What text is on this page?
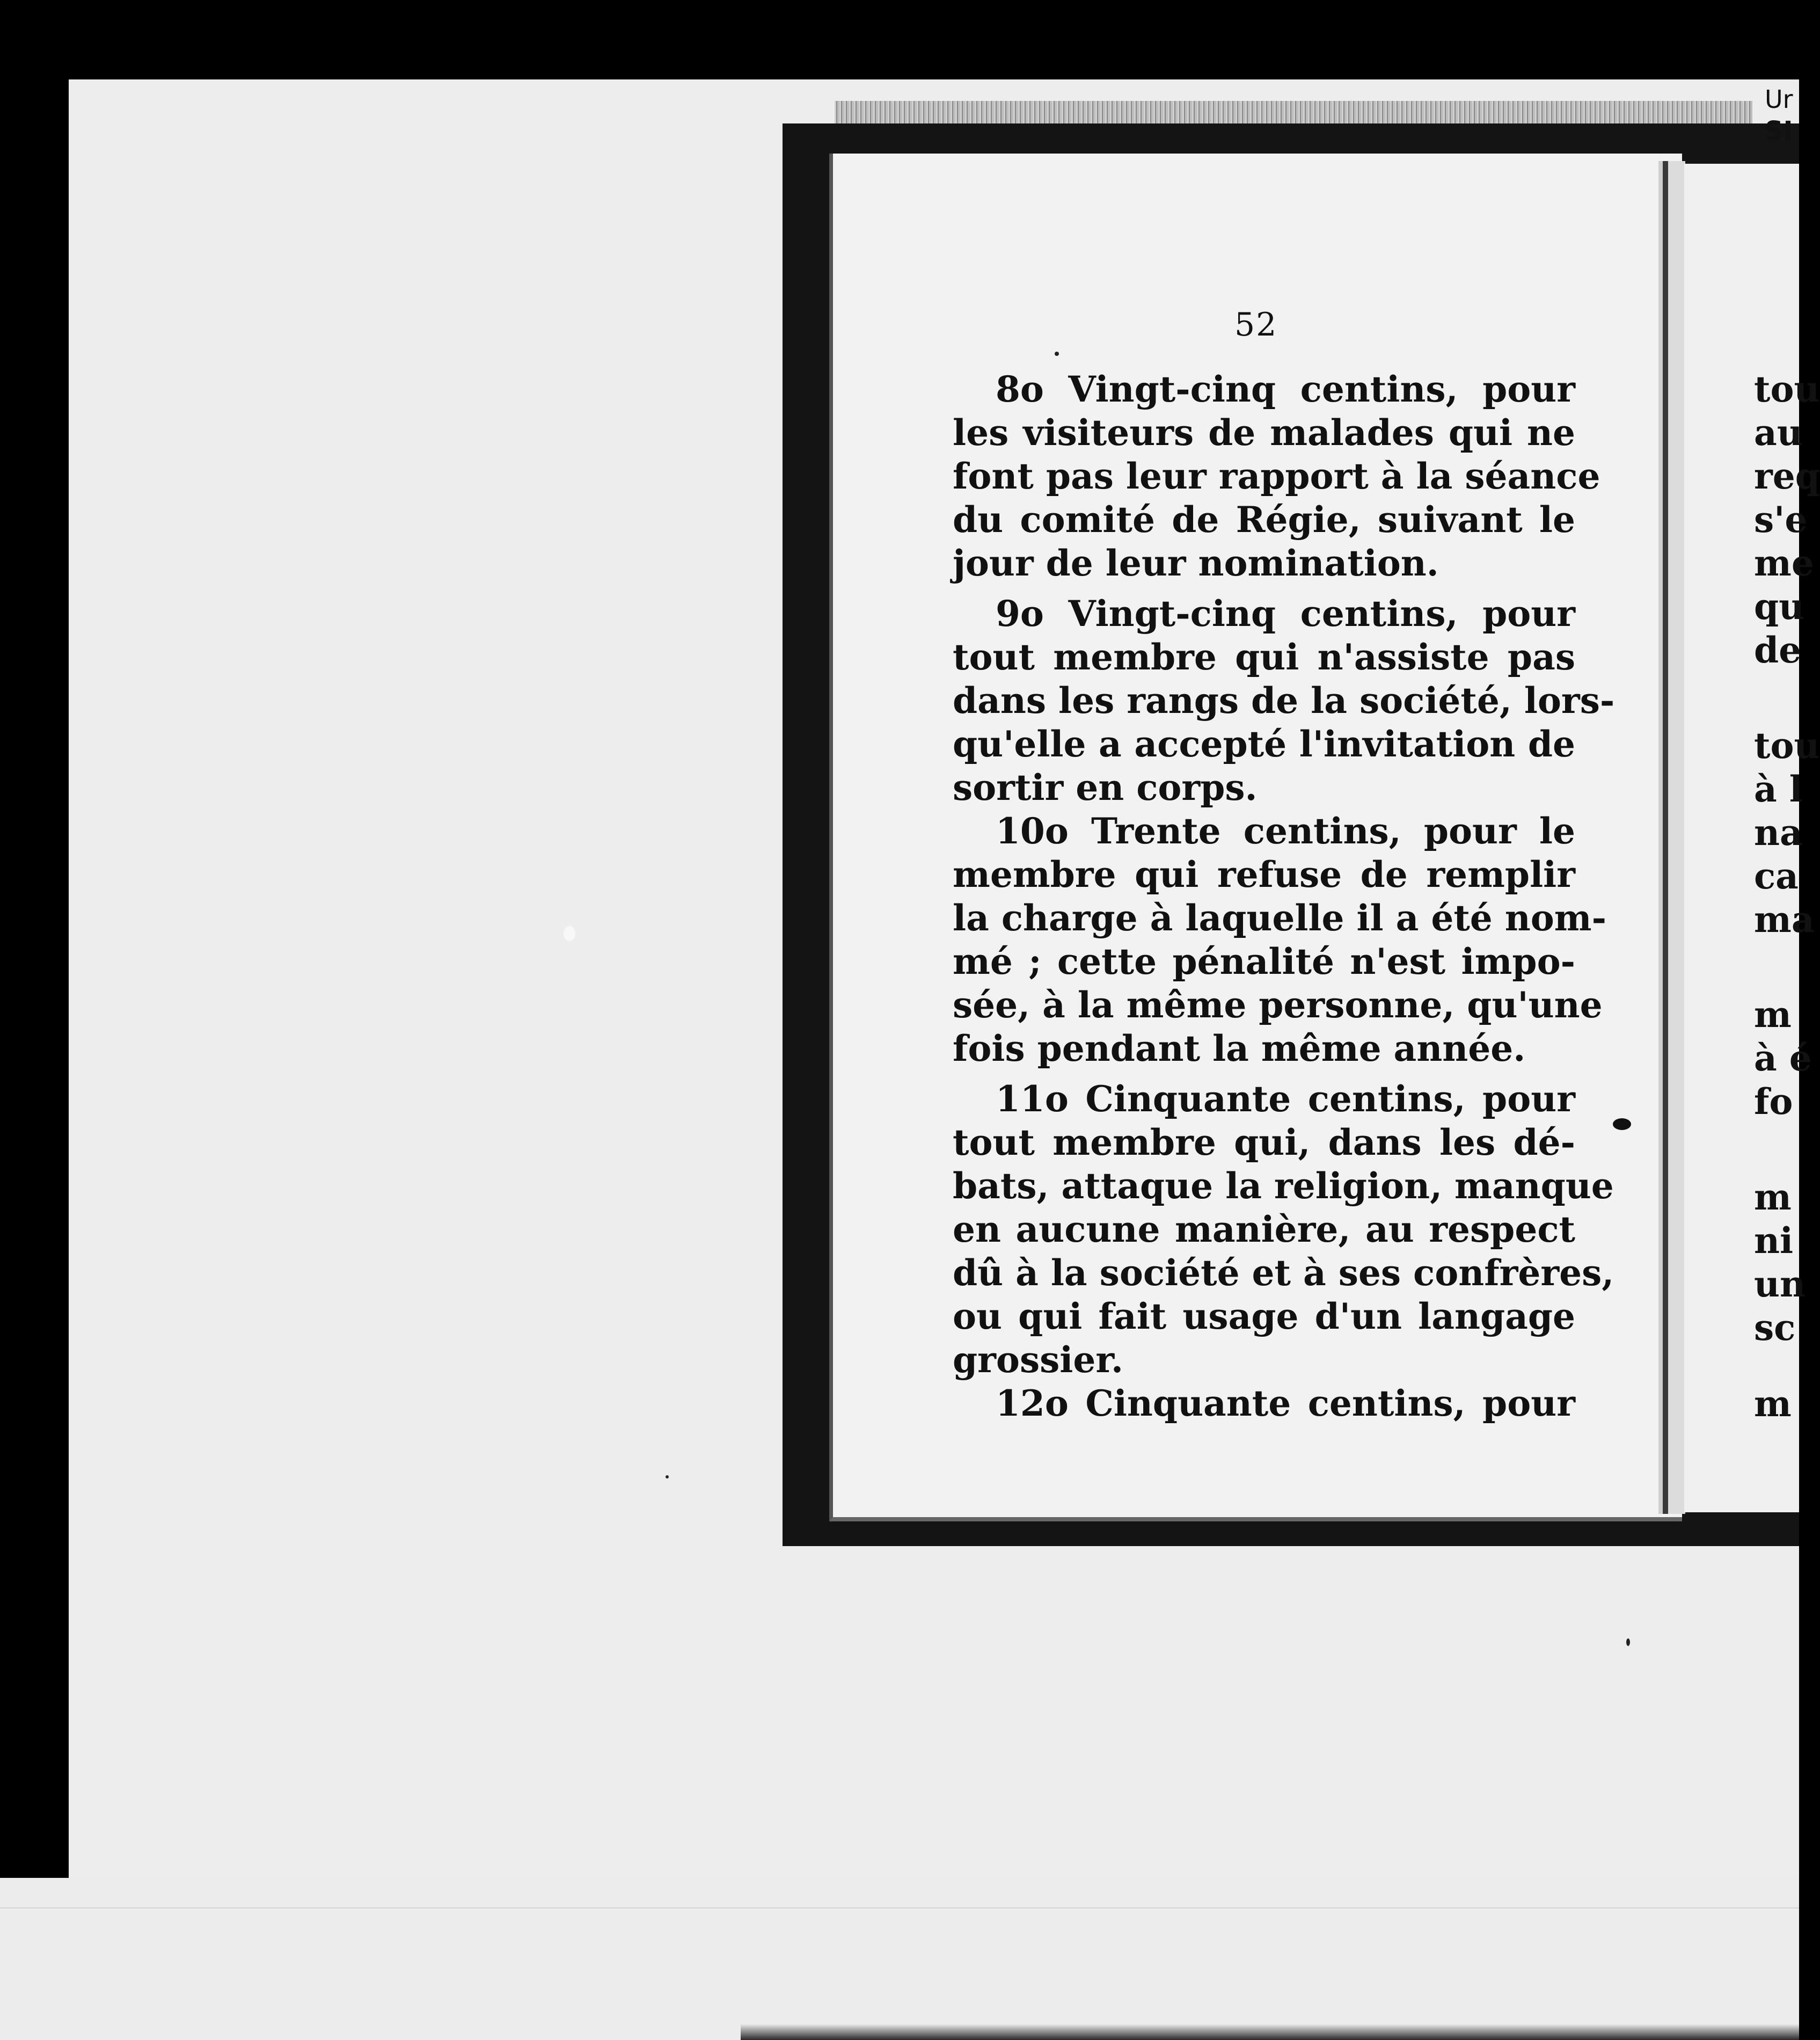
Ur
SI
52
8o Vingt-cinq centins, pour
les visiteurs de malades qui ne
font pas leur rapport à la séance
du comité de Régie, suivant le
jour de leur nomination.
9o Vingt-cinq centins, pour
tout membre qui n'assiste pas
dans les rangs de la société, lors-
qu'elle a accepté l'invitation de
sortir en corps.
10o Trente centins, pour le
membre qui refuse de remplir
la charge à laquelle il a été nom-
mé ; cette pénalité n'est impo-
sée, à la même personne, qu'une
fois pendant la même année.
11o Cinquante centins, pour
tout membre qui, dans les dé-
bats, attaque la religion, manque
en aucune manière, au respect
dû à la société et à ses confrères,
ou qui fait usage d'un langage
grossier.
12o Cinquante centins, pour
tou
au
req
s'e
me
qu
de
tou
à l
na
ca
ma
m
à é
fo
m
ni
un
sc
m
